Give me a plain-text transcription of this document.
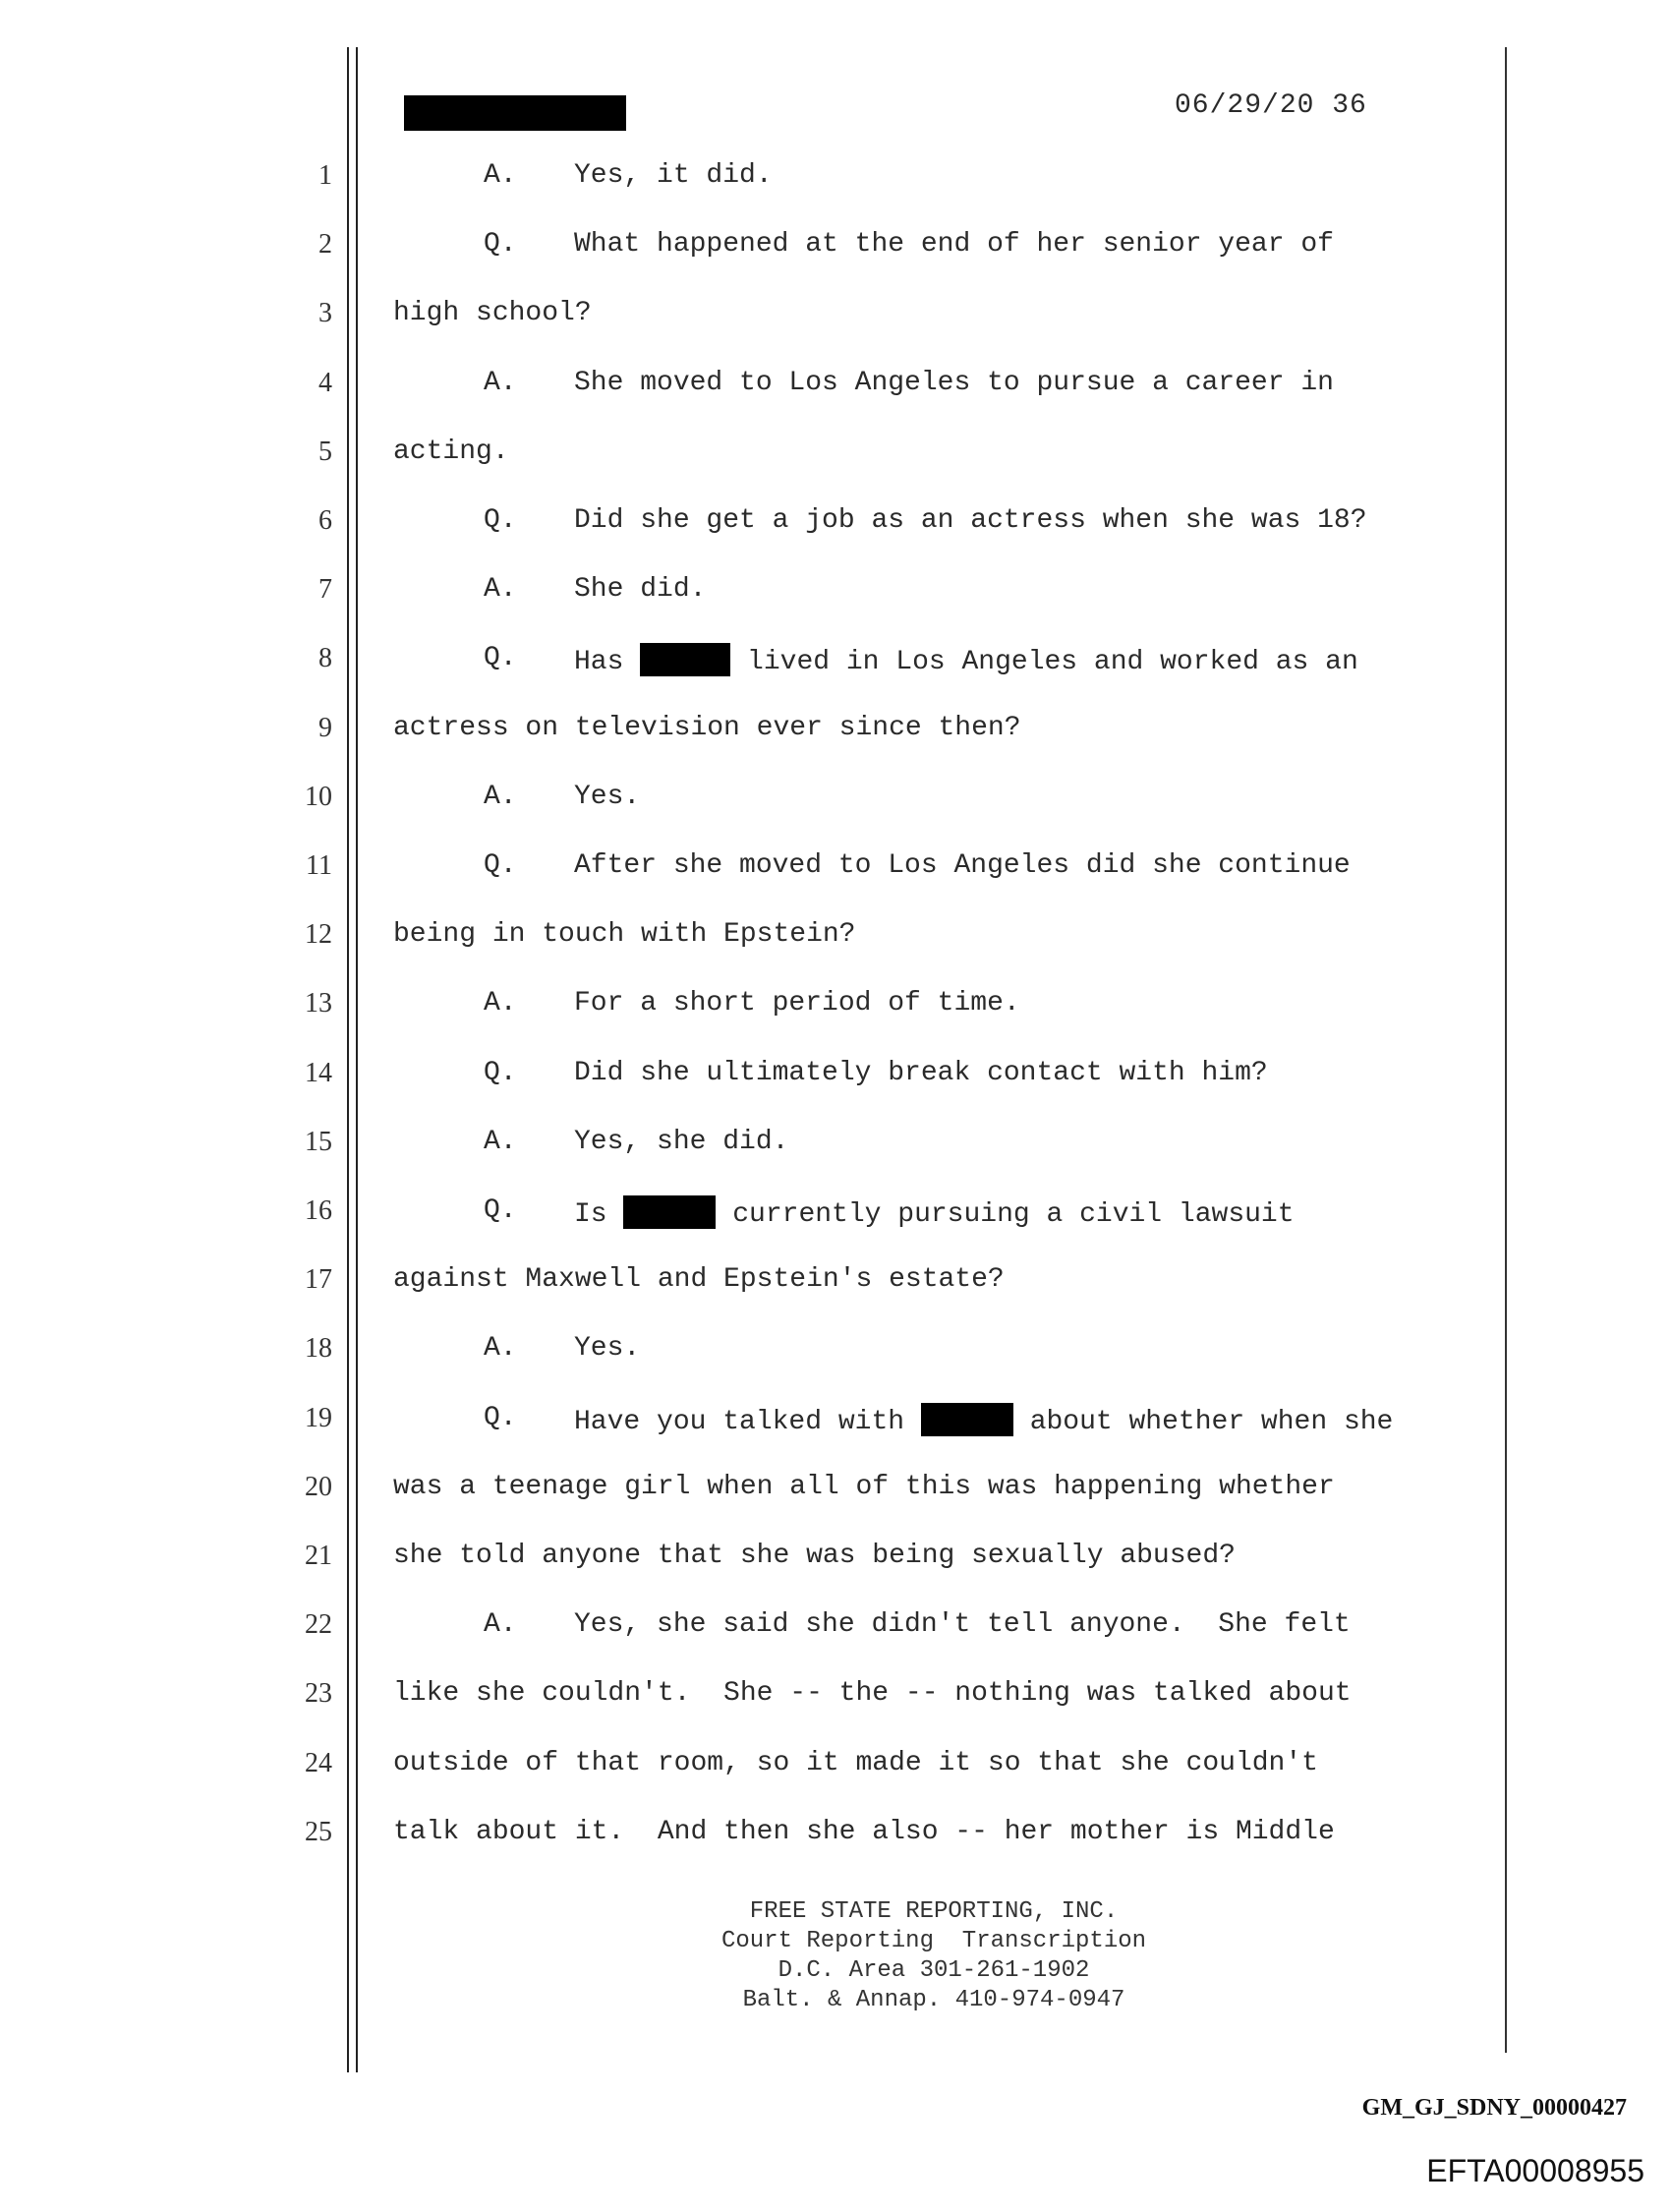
06/29/20 36
1	A. Yes, it did.
2	Q. What happened at the end of her senior year of
3 high school?
4	A. She moved to Los Angeles to pursue a career in
5 acting.
6	Q. Did she get a job as an actress when she was 18?
7	A. She did.
8	Q. Has	lived in Los Angeles and worked as an
9 actress on television ever since then?
10	A. Yes.
11	Q. After she moved to Los Angeles did she continue
12 being in touch with Epstein?
13	A. For a short period of time.
14	Q. Did she ultimately break contact with him?
15	A. Yes, she did.
16	Q. Is	currently pursuing a civil lawsuit
17 against Maxwell and Epstein's estate?
18	A. Yes.
19	Q. Have you talked with	about whether when she
20 was a teenage girl when all of this was happening whether
21 she told anyone that she was being sexually abused?
22	A. Yes, she said she didn't tell anyone.  She felt
23 like she couldn't.  She -- the -- nothing was talked about
24 outside of that room, so it made it so that she couldn't
25 talk about it.  And then she also -- her mother is Middle
FREE STATE REPORTING, INC.
Court Reporting  Transcription
D.C. Area 301-261-1902
Balt. & Annap. 410-974-0947
GM_GJ_SDNY_00000427
EFTA00008955
